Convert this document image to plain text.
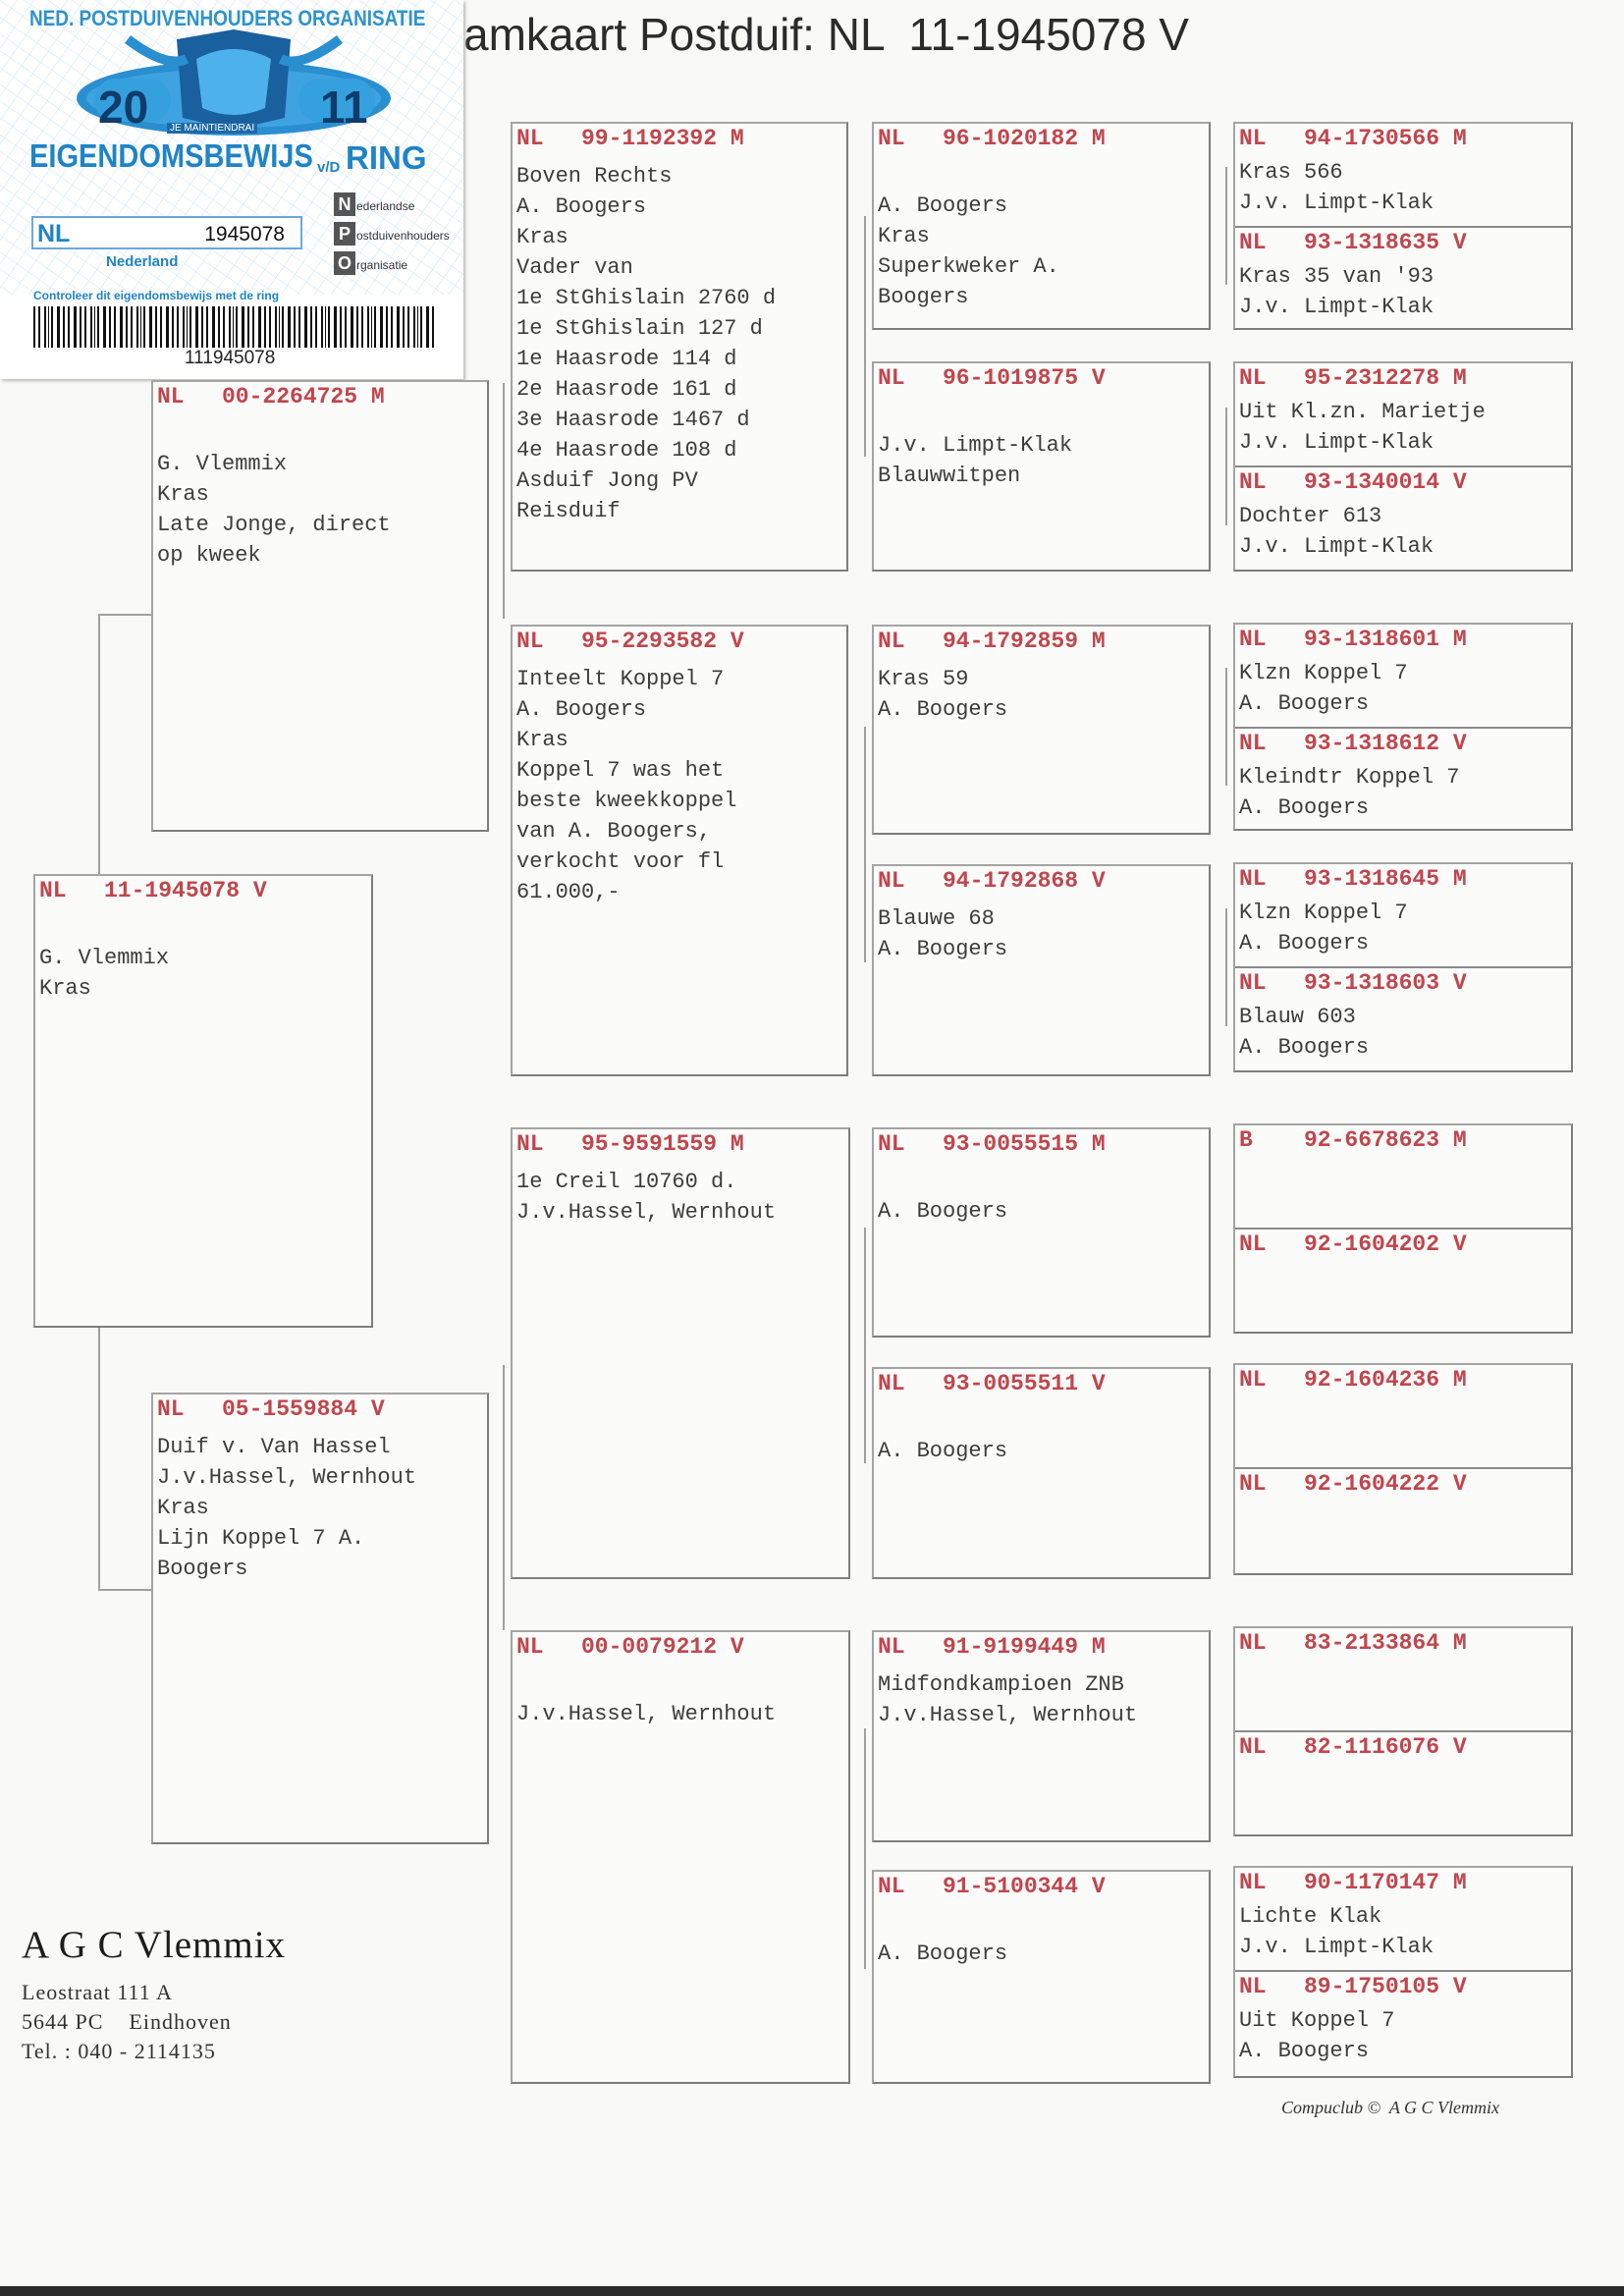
amkaart Postduif: NL  11-1945078 V
NED. POSTDUIVENHOUDERS ORGANISATIE
20	11
JE MAINTIENDRAI
EIGENDOMSBEWIJS v/D RING
N ederlandse
P ostduivenhouders
O rganisatie
NL	1945078
Nederland
Controleer dit eigendomsbewijs met de ring
111945078
NL 11-1945078 V
G. Vlemmix
Kras
NL 00-2264725 M
G. Vlemmix
Kras
Late Jonge, direct
op kweek
NL 05-1559884 V
Duif v. Van Hassel
J.v.Hassel, Wernhout
Kras
Lijn Koppel 7 A.
Boogers
NL 99-1192392 M
Boven Rechts
A. Boogers
Kras
Vader van
1e StGhislain 2760 d
1e StGhislain 127 d
1e Haasrode 114 d
2e Haasrode 161 d
3e Haasrode 1467 d
4e Haasrode 108 d
Asduif Jong PV
Reisduif
NL 95-2293582 V
Inteelt Koppel 7
A. Boogers
Kras
Koppel 7 was het
beste kweekkoppel
van A. Boogers,
verkocht voor fl
61.000,-
NL 95-9591559 M
1e Creil 10760 d.
J.v.Hassel, Wernhout
NL 00-0079212 V
J.v.Hassel, Wernhout
NL 96-1020182 M
A. Boogers
Kras
Superkweker A.
Boogers
NL 96-1019875 V
J.v. Limpt-Klak
Blauwwitpen
NL 94-1792859 M
Kras 59
A. Boogers
NL 94-1792868 V
Blauwe 68
A. Boogers
NL 93-0055515 M
A. Boogers
NL 93-0055511 V
A. Boogers
NL 91-9199449 M
Midfondkampioen ZNB
J.v.Hassel, Wernhout
NL 91-5100344 V
A. Boogers
NL 94-1730566 M
Kras 566
J.v. Limpt-Klak
NL 93-1318635 V
Kras 35 van '93
J.v. Limpt-Klak
NL 95-2312278 M
Uit Kl.zn. Marietje
J.v. Limpt-Klak
NL 93-1340014 V
Dochter 613
J.v. Limpt-Klak
NL 93-1318601 M
Klzn Koppel 7
A. Boogers
NL 93-1318612 V
Kleindtr Koppel 7
A. Boogers
NL 93-1318645 M
Klzn Koppel 7
A. Boogers
NL 93-1318603 V
Blauw 603
A. Boogers
B 92-6678623 M
NL 92-1604202 V
NL 92-1604236 M
NL 92-1604222 V
NL 83-2133864 M
NL 82-1116076 V
NL 90-1170147 M
Lichte Klak
J.v. Limpt-Klak
NL 89-1750105 V
Uit Koppel 7
A. Boogers
A G C Vlemmix
Leostraat 111 A
5644 PC    Eindhoven
Tel. : 040 - 2114135
Compuclub ©  A G C Vlemmix
